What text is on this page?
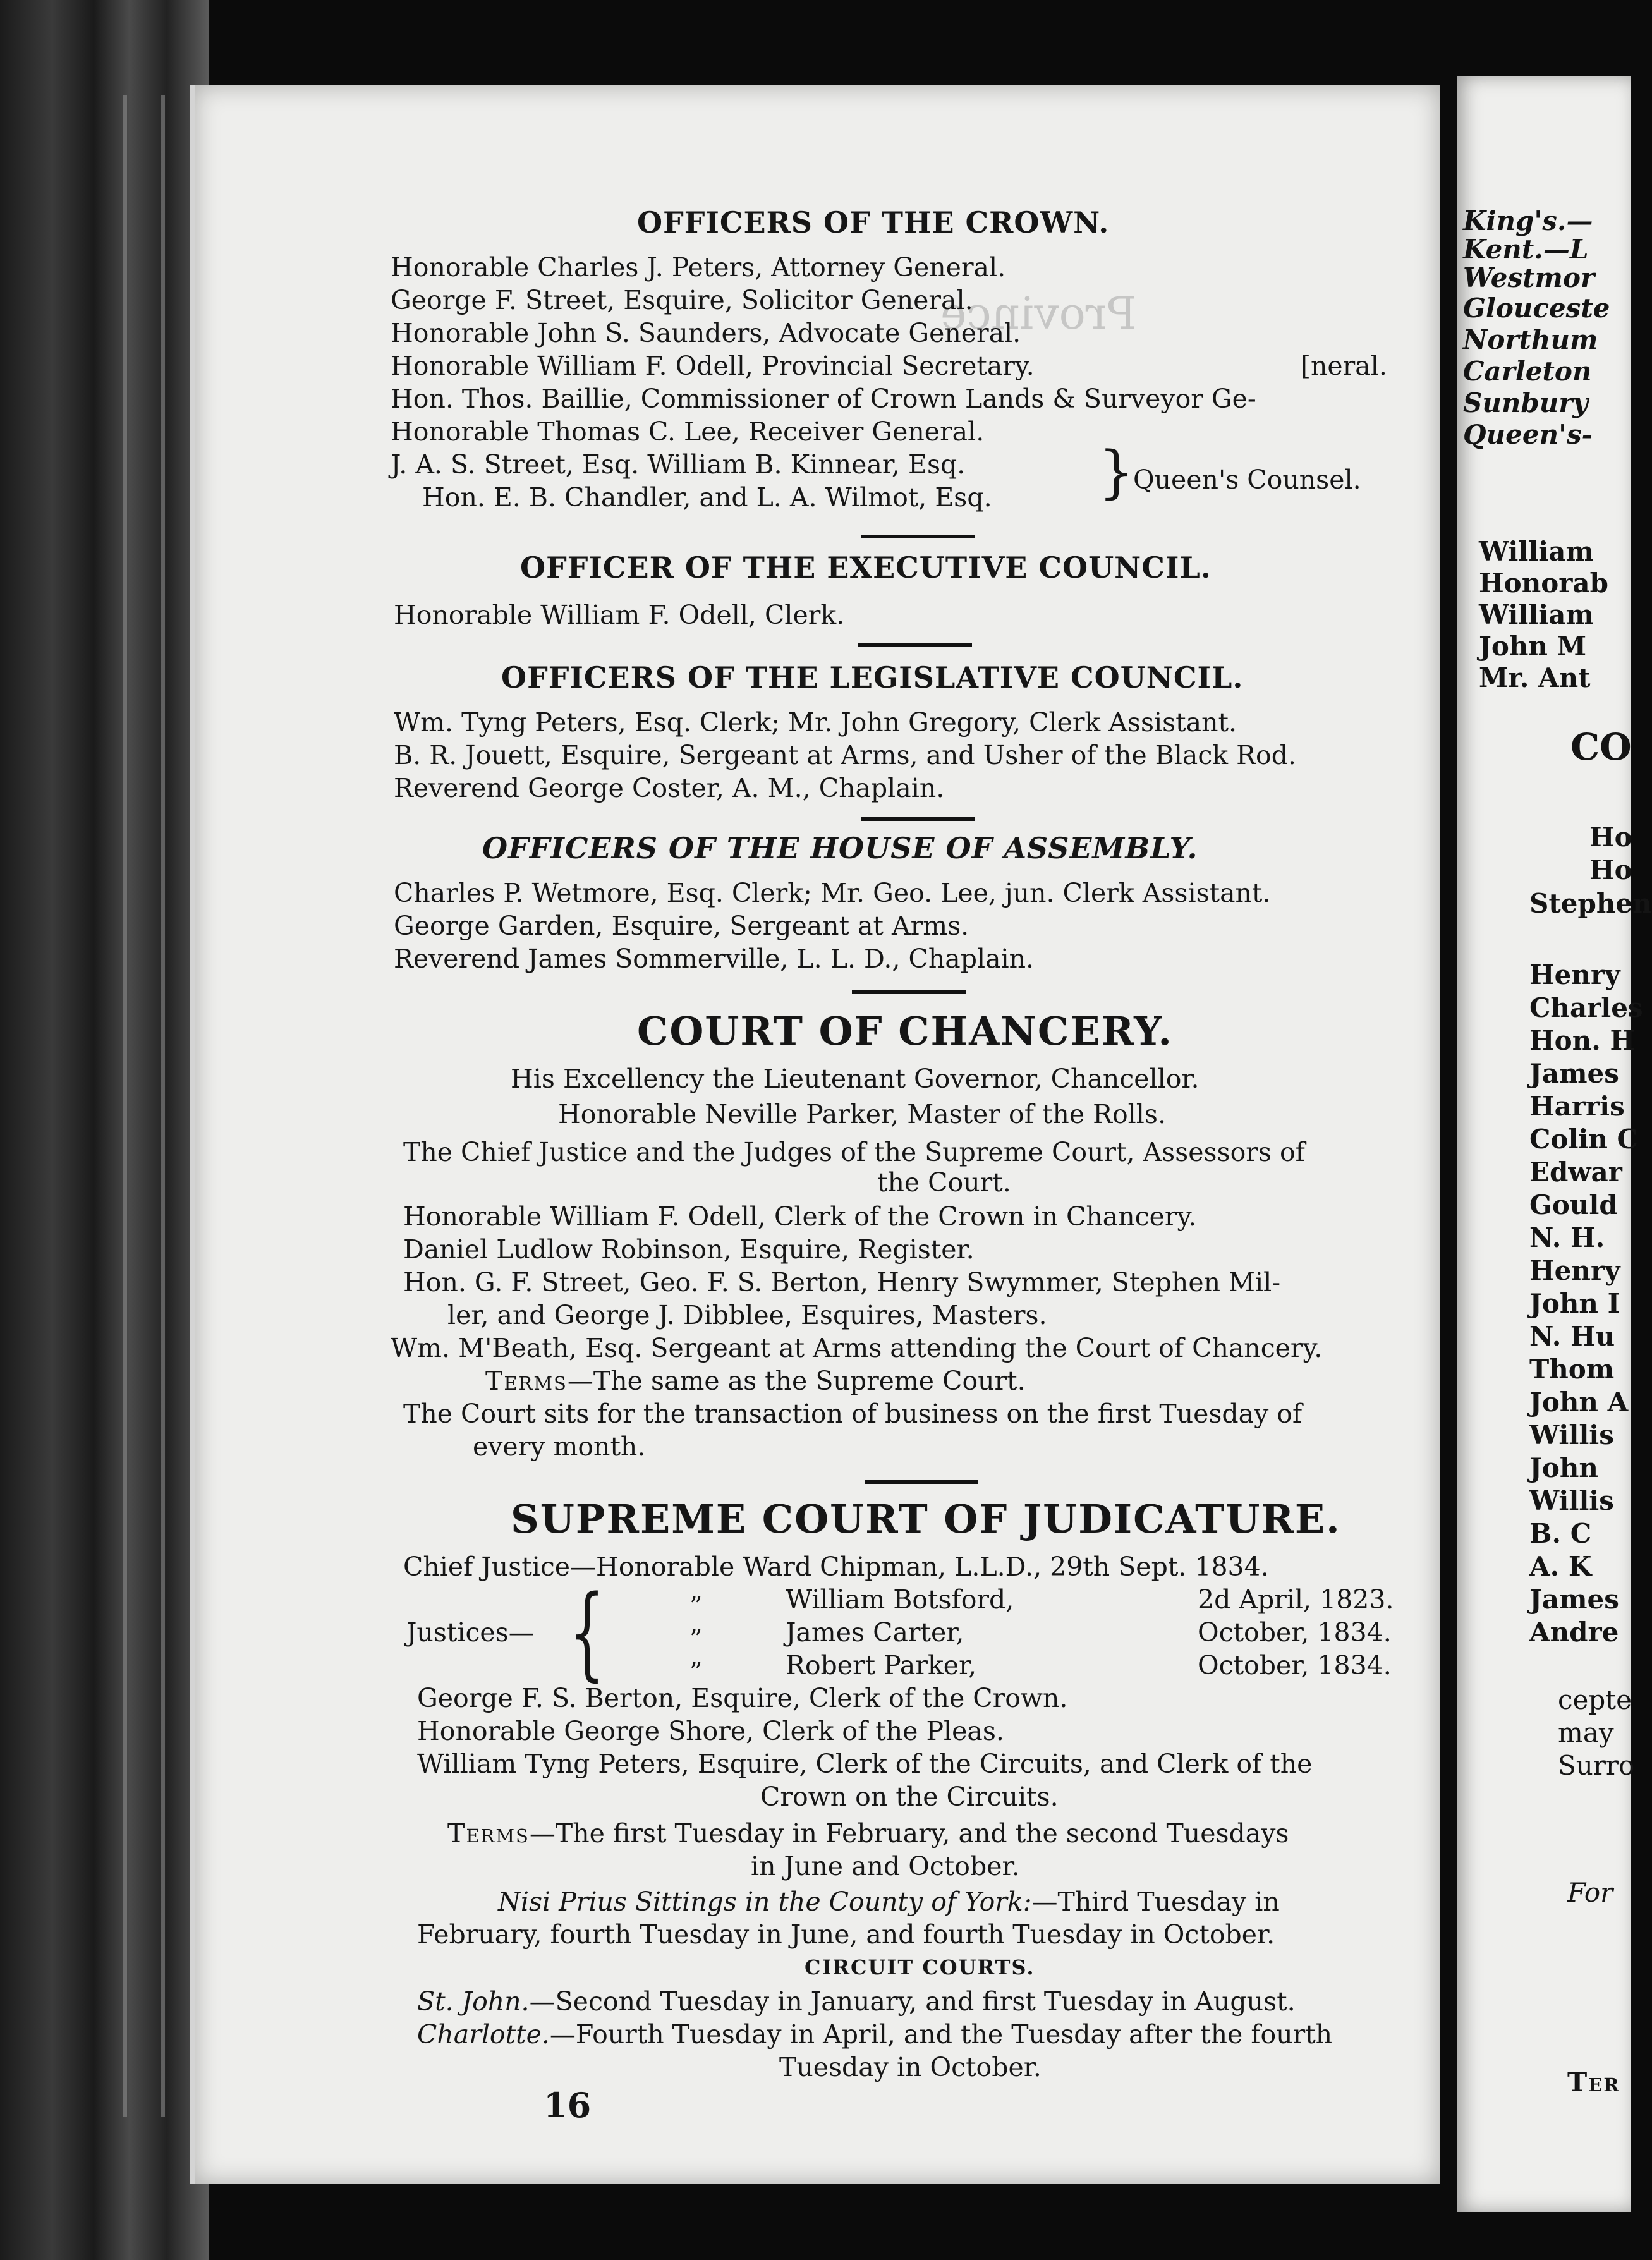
Province
OFFICERS OF THE CROWN.
Honorable Charles J. Peters, Attorney General.
George F. Street, Esquire, Solicitor General.
Honorable John S. Saunders, Advocate General.
Honorable William F. Odell, Provincial Secretary.	[neral.
Hon. Thos. Baillie, Commissioner of Crown Lands & Surveyor Ge-
Honorable Thomas C. Lee, Receiver General.
J. A. S. Street, Esq. William B. Kinnear, Esq.
Hon. E. B. Chandler, and L. A. Wilmot, Esq. }
Queen's Counsel.
OFFICER OF THE EXECUTIVE COUNCIL.
Honorable William F. Odell, Clerk.
OFFICERS OF THE LEGISLATIVE COUNCIL.
Wm. Tyng Peters, Esq. Clerk; Mr. John Gregory, Clerk Assistant.
B. R. Jouett, Esquire, Sergeant at Arms, and Usher of the Black Rod.
Reverend George Coster, A. M., Chaplain.
OFFICERS OF THE HOUSE OF ASSEMBLY.
Charles P. Wetmore, Esq. Clerk; Mr. Geo. Lee, jun. Clerk Assistant.
George Garden, Esquire, Sergeant at Arms.
Reverend James Sommerville, L. L. D., Chaplain.
COURT OF CHANCERY.
His Excellency the Lieutenant Governor, Chancellor.
Honorable Neville Parker, Master of the Rolls.
The Chief Justice and the Judges of the Supreme Court, Assessors of
the Court.
Honorable William F. Odell, Clerk of the Crown in Chancery.
Daniel Ludlow Robinson, Esquire, Register.
Hon. G. F. Street, Geo. F. S. Berton, Henry Swymmer, Stephen Mil-
ler, and George J. Dibblee, Esquires, Masters.
Wm. M'Beath, Esq. Sergeant at Arms attending the Court of Chancery.
Terms—The same as the Supreme Court.
The Court sits for the transaction of business on the first Tuesday of
every month.
SUPREME COURT OF JUDICATURE.
Chief Justice—Honorable Ward Chipman, L.L.D., 29th Sept. 1834.
{
Justices—
”	William Botsford,	2d April, 1823.
”	James Carter,	October, 1834.
”	Robert Parker,	October, 1834.
George F. S. Berton, Esquire, Clerk of the Crown.
Honorable George Shore, Clerk of the Pleas.
William Tyng Peters, Esquire, Clerk of the Circuits, and Clerk of the
Crown on the Circuits.
Terms—The first Tuesday in February, and the second Tuesdays
in June and October.
Nisi Prius Sittings in the County of York:—Third Tuesday in
February, fourth Tuesday in June, and fourth Tuesday in October.
CIRCUIT COURTS.
St. John.—Second Tuesday in January, and first Tuesday in August.
Charlotte.—Fourth Tuesday in April, and the Tuesday after the fourth
Tuesday in October.
16
King's.—
Kent.—L
Westmor
Glouceste
Northum
Carleton
Sunbury
Queen's-
William
Honorab
William
John M
Mr. Ant
CO
Ho
Ho
Stephen
Henry
Charles
Hon. H
James
Harris
Colin C
Edwar
Gould
N. H.
Henry
John I
N. Hu
Thom
John A
Willis
John
Willis
B. C
A. K
James
Andre
cepte
may
Surro
For
Ter
